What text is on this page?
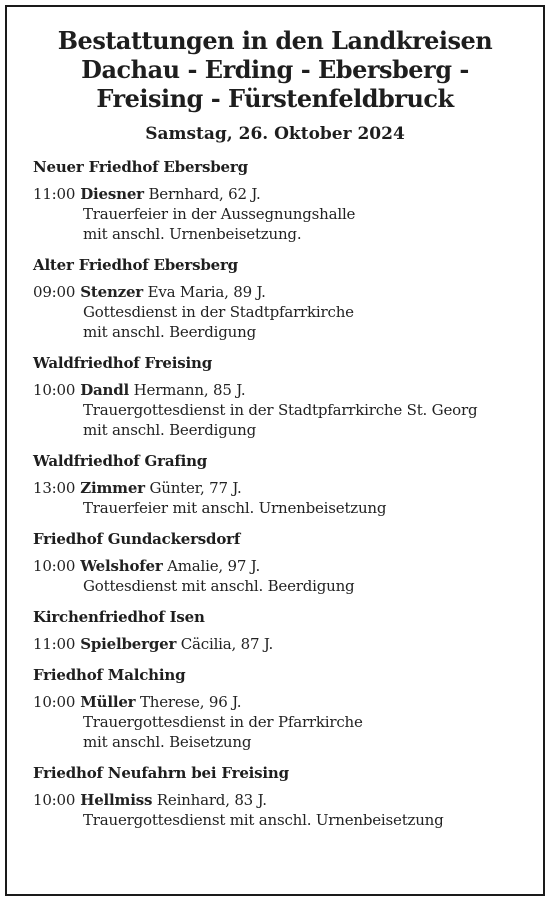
Bestattungen in den Landkreisen
Dachau - Erding - Ebersberg -
Freising - Fürstenfeldbruck
Samstag, 26. Oktober 2024
Neuer Friedhof Ebersberg
11:00 Diesner Bernhard, 62 J.
Trauerfeier in der Aussegnungshalle
mit anschl. Urnenbeisetzung.
Alter Friedhof Ebersberg
09:00 Stenzer Eva Maria, 89 J.
Gottesdienst in der Stadtpfarrkirche
mit anschl. Beerdigung
Waldfriedhof Freising
10:00 Dandl Hermann, 85 J.
Trauergottesdienst in der Stadtpfarrkirche St. Georg
mit anschl. Beerdigung
Waldfriedhof Grafing
13:00 Zimmer Günter, 77 J.
Trauerfeier mit anschl. Urnenbeisetzung
Friedhof Gundackersdorf
10:00 Welshofer Amalie, 97 J.
Gottesdienst mit anschl. Beerdigung
Kirchenfriedhof Isen
11:00 Spielberger Cäcilia, 87 J.
Friedhof Malching
10:00 Müller Therese, 96 J.
Trauergottesdienst in der Pfarrkirche
mit anschl. Beisetzung
Friedhof Neufahrn bei Freising
10:00 Hellmiss Reinhard, 83 J.
Trauergottesdienst mit anschl. Urnenbeisetzung
